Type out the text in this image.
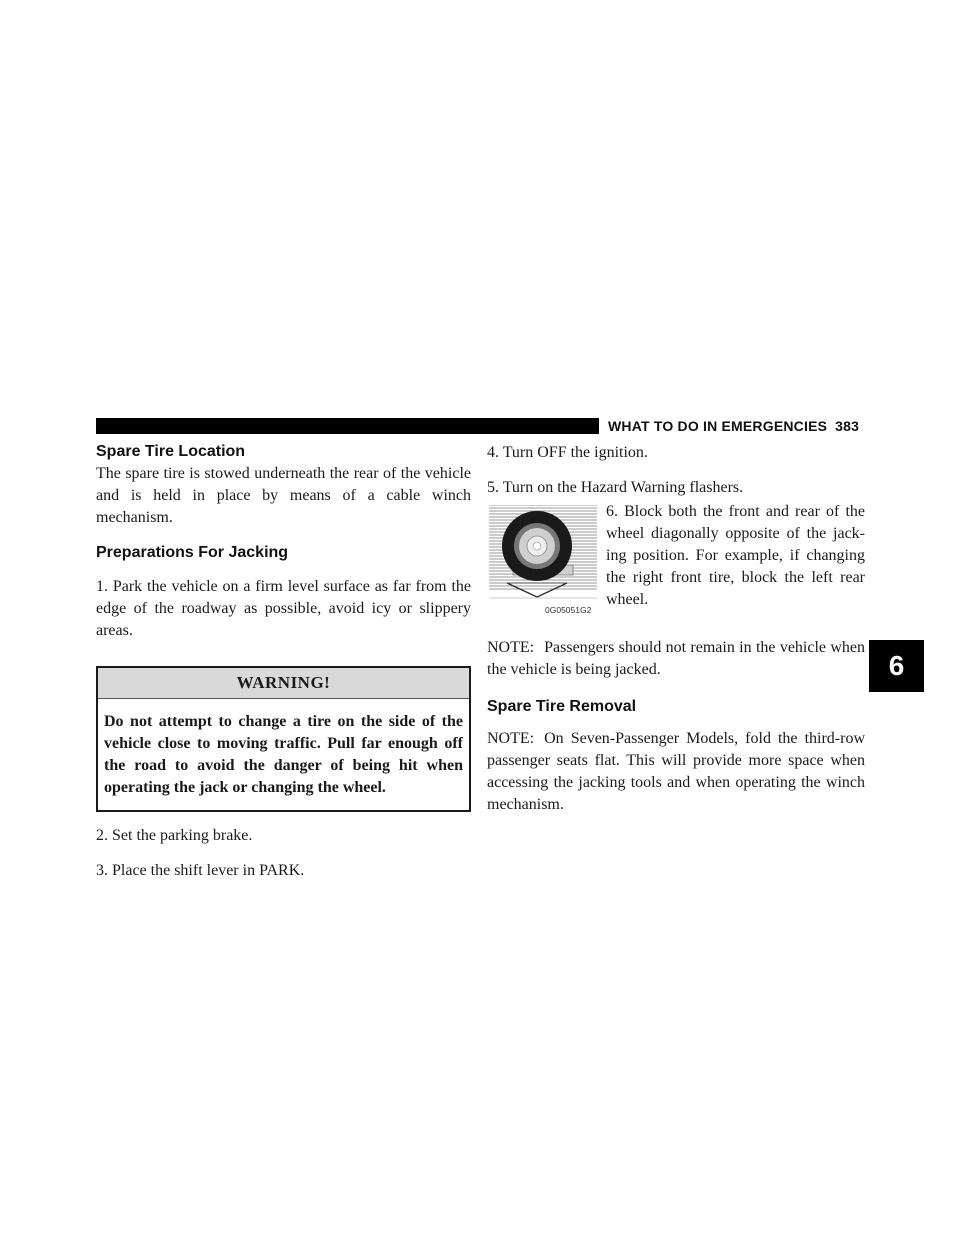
WHAT TO DO IN EMERGENCIES 383
Spare Tire Location

The spare tire is stowed underneath the rear of the vehicle and is held in place by means of a cable winch mechanism.

Preparations For Jacking

1. Park the vehicle on a firm level surface as far from the edge of the roadway as possible, avoid icy or slippery areas.

WARNING!
Do not attempt to change a tire on the side of the vehicle close to moving traffic. Pull far enough off the road to avoid the danger of being hit when operating the jack or changing the wheel.

2. Set the parking brake.

3. Place the shift lever in PARK.

4. Turn OFF the ignition.

5. Turn on the Hazard Warning flashers.

0G05051G2
6. Block both the front and rear of the wheel diagonally opposite of the jack- ing position. For example, if changing the right front tire, block the left rear wheel.

NOTE: Passengers should not remain in the vehicle when the vehicle is being jacked.

Spare Tire Removal

NOTE: On Seven-Passenger Models, fold the third-row passenger seats flat. This will provide more space when accessing the jacking tools and when operating the winch mechanism.

6
